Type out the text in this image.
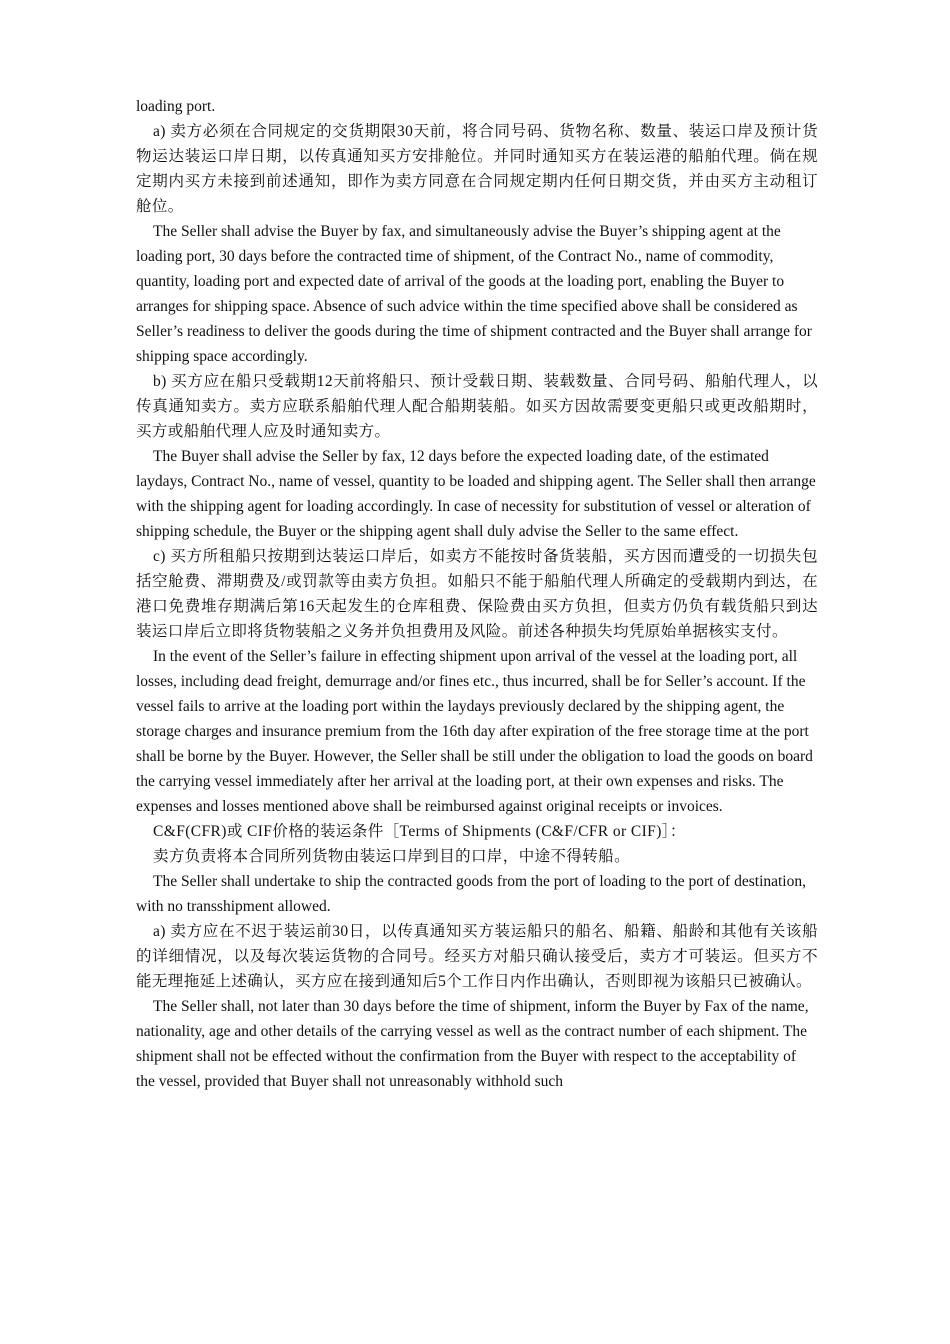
loading port.

a) 卖方必须在合同规定的交货期限30天前，将合同号码、货物名称、数量、装运口岸及预计货物运达装运口岸日期，以传真通知买方安排舱位。并同时通知买方在装运港的船舶代理。倘在规定期内买方未接到前述通知，即作为卖方同意在合同规定期内任何日期交货，并由买方主动租订舱位。

The Seller shall advise the Buyer by fax, and simultaneously advise the Buyer’s shipping agent at the loading port, 30 days before the contracted time of shipment, of the Contract No., name of commodity, quantity, loading port and expected date of arrival of the goods at the loading port, enabling the Buyer to arranges for shipping space. Absence of such advice within the time specified above shall be considered as Seller’s readiness to deliver the goods during the time of shipment contracted and the Buyer shall arrange for shipping space accordingly.

b) 买方应在船只受载期12天前将船只、预计受载日期、装载数量、合同号码、船舶代理人，以传真通知卖方。卖方应联系船舶代理人配合船期装船。如买方因故需要变更船只或更改船期时，买方或船舶代理人应及时通知卖方。

The Buyer shall advise the Seller by fax, 12 days before the expected loading date, of the estimated laydays, Contract No., name of vessel, quantity to be loaded and shipping agent. The Seller shall then arrange with the shipping agent for loading accordingly. In case of necessity for substitution of vessel or alteration of shipping schedule, the Buyer or the shipping agent shall duly advise the Seller to the same effect.

c) 买方所租船只按期到达装运口岸后，如卖方不能按时备货装船，买方因而遭受的一切损失包括空舱费、滞期费及/或罚款等由卖方负担。如船只不能于船舶代理人所确定的受载期内到达，在港口免费堆存期满后第16天起发生的仓库租费、保险费由买方负担，但卖方仍负有载货船只到达装运口岸后立即将货物装船之义务并负担费用及风险。前述各种损失均凭原始单据核实支付。

In the event of the Seller’s failure in effecting shipment upon arrival of the vessel at the loading port, all losses, including dead freight, demurrage and/or fines etc., thus incurred, shall be for Seller’s account. If the vessel fails to arrive at the loading port within the laydays previously declared by the shipping agent, the storage charges and insurance premium from the 16th day after expiration of the free storage time at the port shall be borne by the Buyer. However, the Seller shall be still under the obligation to load the goods on board the carrying vessel immediately after her arrival at the loading port, at their own expenses and risks. The expenses and losses mentioned above shall be reimbursed against original receipts or invoices.

C&F(CFR)或 CIF价格的装运条件［Terms of Shipments (C&F/CFR or CIF)］：

卖方负责将本合同所列货物由装运口岸到目的口岸，中途不得转船。

The Seller shall undertake to ship the contracted goods from the port of loading to the port of destination, with no transshipment allowed.

a) 卖方应在不迟于装运前30日，以传真通知买方装运船只的船名、船籍、船龄和其他有关该船的详细情况，以及每次装运货物的合同号。经买方对船只确认接受后，卖方才可装运。但买方不能无理拖延上述确认，买方应在接到通知后5个工作日内作出确认，否则即视为该船只已被确认。

The Seller shall, not later than 30 days before the time of shipment, inform the Buyer by Fax of the name, nationality, age and other details of the carrying vessel as well as the contract number of each shipment. The shipment shall not be effected without the confirmation from the Buyer with respect to the acceptability of the vessel, provided that Buyer shall not unreasonably withhold such
